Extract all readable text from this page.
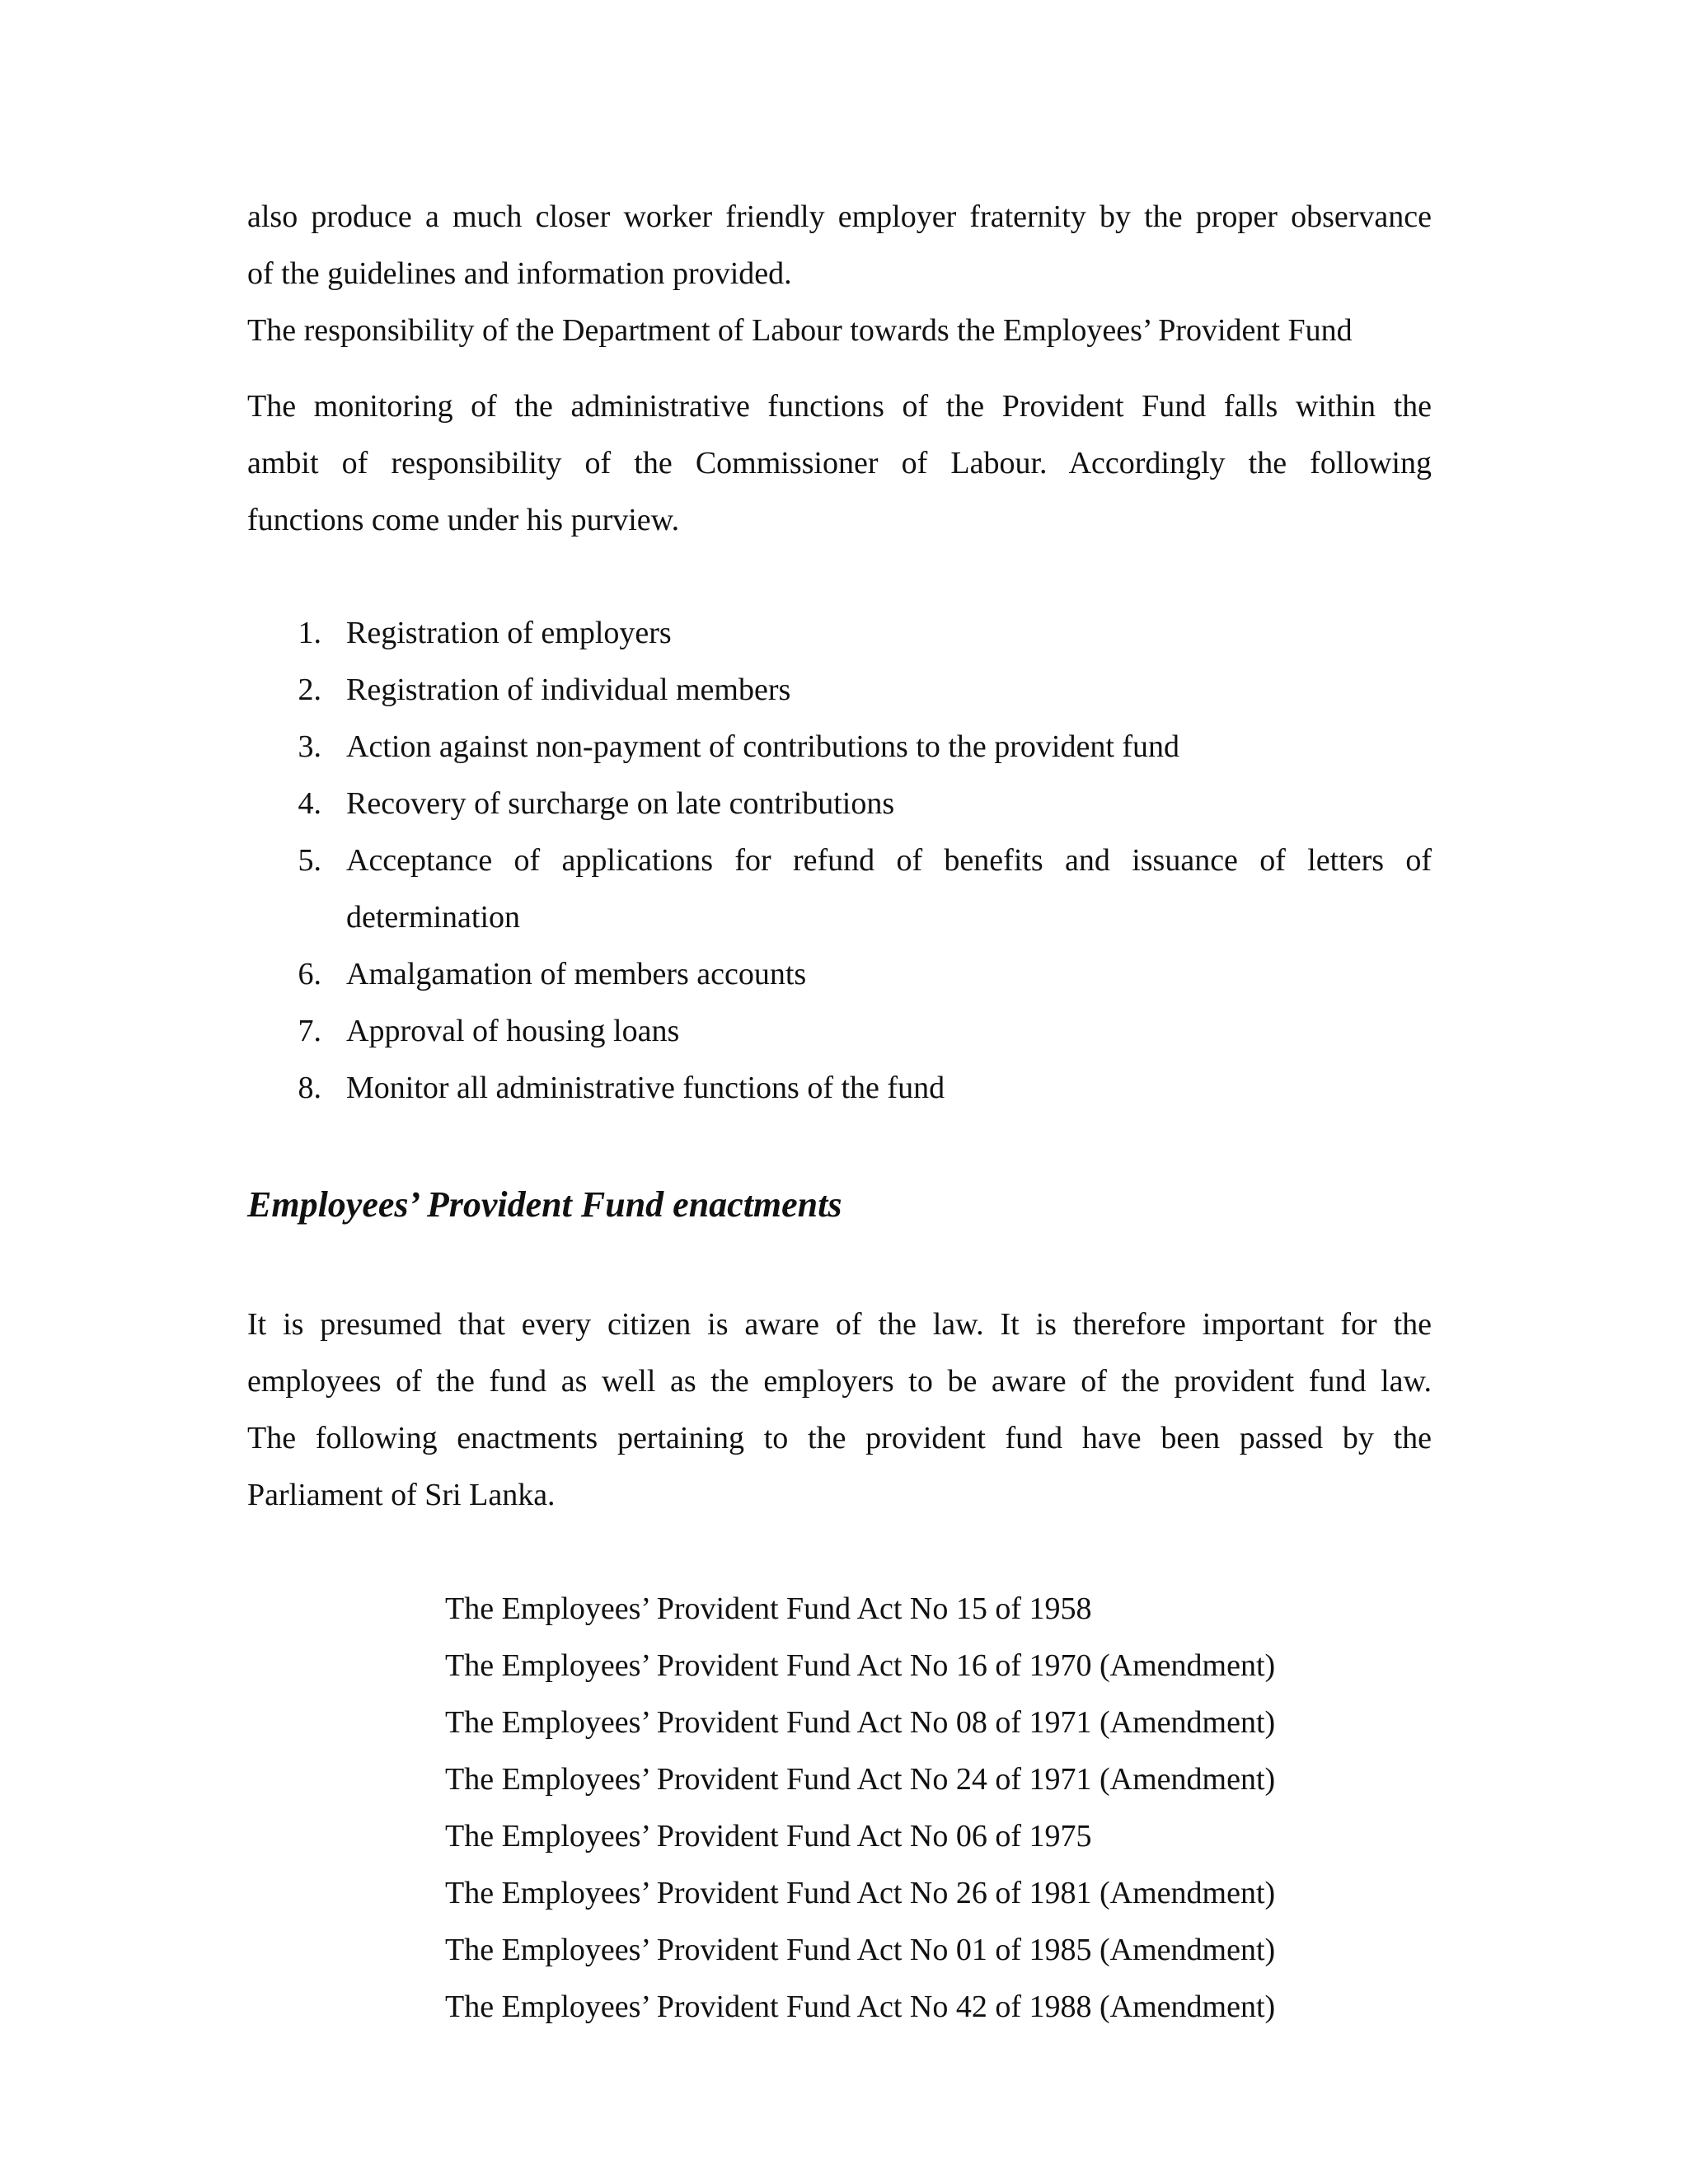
also produce a much closer worker friendly employer fraternity by the proper observance
of the guidelines and information provided.
The responsibility of the Department of Labour towards the Employees’ Provident Fund
The monitoring of the administrative functions of the Provident Fund falls within the
ambit of responsibility of the Commissioner of Labour. Accordingly the following
functions come under his purview.
1. Registration of employers
2. Registration of individual members
3. Action against non-payment of contributions to the provident fund
4. Recovery of surcharge on late contributions
5. Acceptance of applications for refund of benefits and issuance of letters of
determination
6. Amalgamation of members accounts
7. Approval of housing loans
8. Monitor all administrative functions of the fund
Employees’ Provident Fund enactments
It is presumed that every citizen is aware of the law. It is therefore important for the
employees of the fund as well as the employers to be aware of the provident fund law.
The following enactments pertaining to the provident fund have been passed by the
Parliament of Sri Lanka.
The Employees’ Provident Fund Act No 15 of 1958
The Employees’ Provident Fund Act No 16 of 1970 (Amendment)
The Employees’ Provident Fund Act No 08 of 1971 (Amendment)
The Employees’ Provident Fund Act No 24 of 1971 (Amendment)
The Employees’ Provident Fund Act No 06 of 1975
The Employees’ Provident Fund Act No 26 of 1981 (Amendment)
The Employees’ Provident Fund Act No 01 of 1985 (Amendment)
The Employees’ Provident Fund Act No 42 of 1988 (Amendment)
